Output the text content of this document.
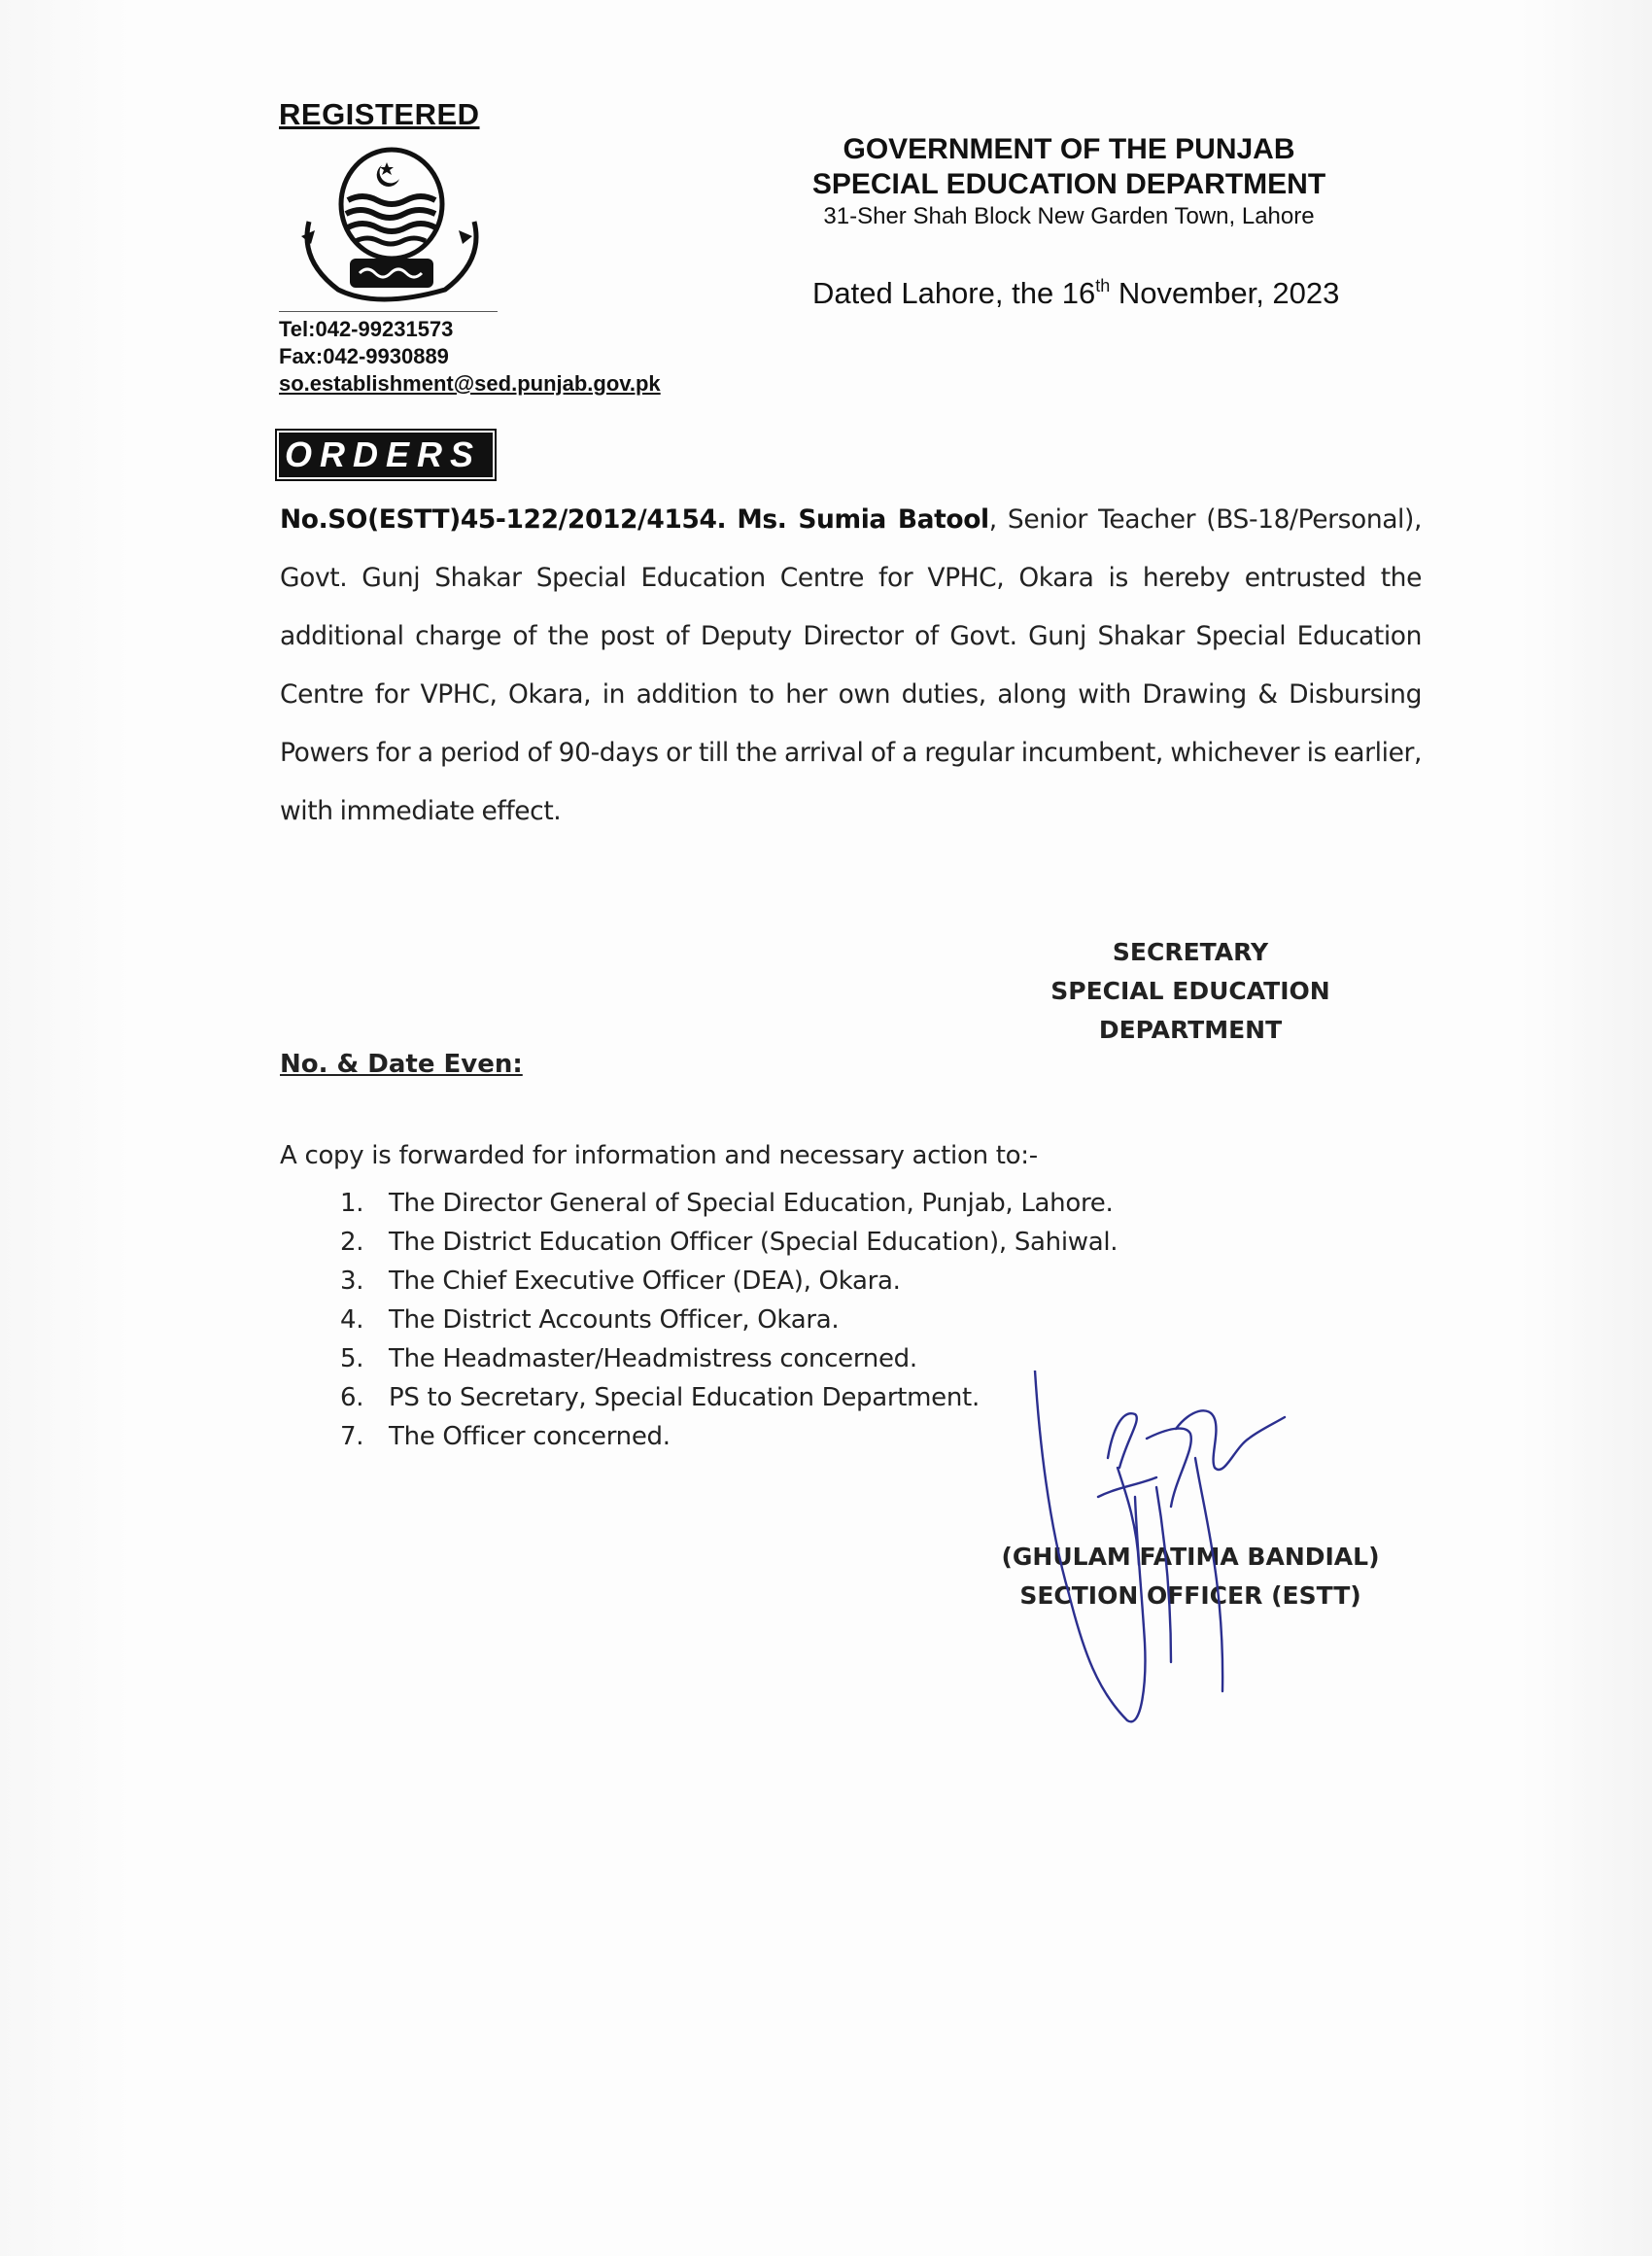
REGISTERED
Tel:042-99231573
Fax:042-9930889
so.establishment@sed.punjab.gov.pk
GOVERNMENT OF THE PUNJAB
SPECIAL EDUCATION DEPARTMENT
31-Sher Shah Block New Garden Town, Lahore
Dated Lahore, the 16th November, 2023
ORDERS
No.SO(ESTT)45-122/2012/4154. Ms. Sumia Batool, Senior Teacher (BS-18/Personal), Govt. Gunj Shakar Special Education Centre for VPHC, Okara is hereby entrusted the additional charge of the post of Deputy Director of Govt. Gunj Shakar Special Education Centre for VPHC, Okara, in addition to her own duties, along with Drawing & Disbursing Powers for a period of 90-days or till the arrival of a regular incumbent, whichever is earlier, with immediate effect.
SECRETARY
SPECIAL EDUCATION
DEPARTMENT
No. & Date Even:
A copy is forwarded for information and necessary action to:-
1. The Director General of Special Education, Punjab, Lahore.
2. The District Education Officer (Special Education), Sahiwal.
3. The Chief Executive Officer (DEA), Okara.
4. The District Accounts Officer, Okara.
5. The Headmaster/Headmistress concerned.
6. PS to Secretary, Special Education Department.
7. The Officer concerned.
(GHULAM FATIMA BANDIAL)
SECTION OFFICER (ESTT)
